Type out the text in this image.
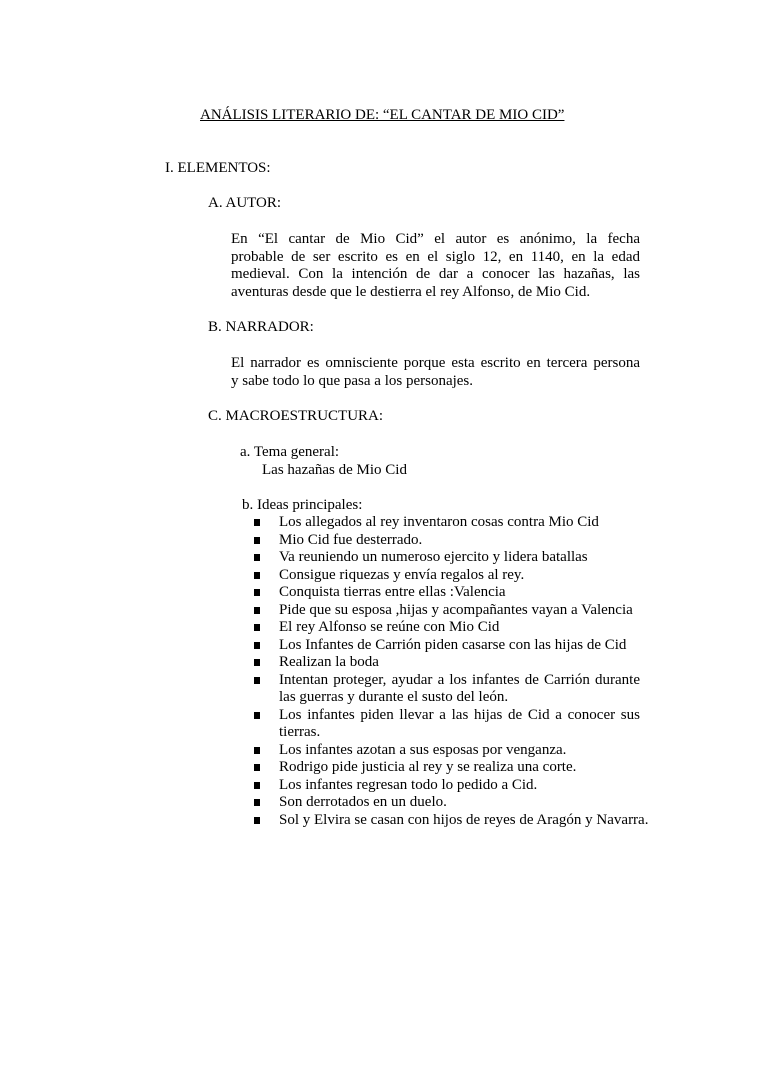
ANÁLISIS LITERARIO DE: “EL CANTAR DE MIO CID”
I. ELEMENTOS:
A. AUTOR:
En “El cantar de Mio Cid” el autor es anónimo, la fecha
probable de ser escrito es en el siglo 12, en 1140, en la edad
medieval. Con la intención de dar a conocer las hazañas, las
aventuras desde que le destierra el rey Alfonso, de Mio Cid.
B. NARRADOR:
El narrador es omnisciente porque esta escrito en tercera persona
y sabe todo lo que pasa a los personajes.
C. MACROESTRUCTURA:
a. Tema general:
Las hazañas de Mio Cid
b. Ideas principales:
Los allegados al rey inventaron cosas contra Mio Cid
Mio Cid fue desterrado.
Va reuniendo un numeroso ejercito y lidera batallas
Consigue riquezas y envía regalos al rey.
Conquista tierras entre ellas :Valencia
Pide que su esposa ,hijas y acompañantes vayan a Valencia
El rey Alfonso se reúne con Mio Cid
Los Infantes de Carrión piden casarse con las hijas de Cid
Realizan la boda
Intentan proteger, ayudar a los infantes de Carrión durante las guerras y durante el susto del león.
Los infantes piden llevar a las hijas de Cid a conocer sus tierras.
Los infantes azotan a sus esposas por venganza.
Rodrigo pide justicia al rey y se realiza una corte.
Los infantes regresan todo lo pedido a Cid.
Son derrotados en un duelo.
Sol y Elvira se casan con hijos de reyes de Aragón y Navarra.
